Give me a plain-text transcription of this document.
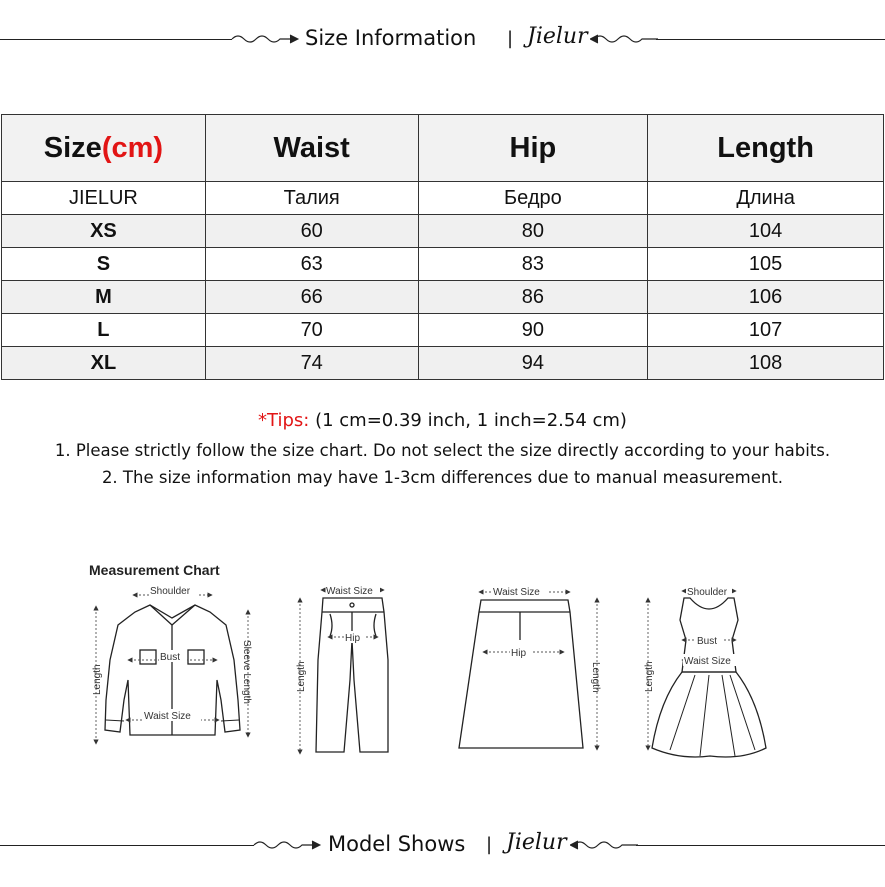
Size Information | Jielur
Size(cm)	Waist	Hip	Length
JIELUR	Талия	Бедро	Длина
XS	60	80	104
S	63	83	105
M	66	86	106
L	70	90	107
XL	74	94	108
*Tips: (1 cm=0.39 inch, 1 inch=2.54 cm)
1. Please strictly follow the size chart. Do not select the size directly according to your habits.
2. The size information may have 1-3cm differences due to manual measurement.
Measurement Chart
Shoulder
Bust
Waist Size
Length	Sleeve Length
Waist Size
Hip
Length
Waist Size
Hip
Length
Shoulder
Bust
Waist Size
Length
Model Shows | Jielur
